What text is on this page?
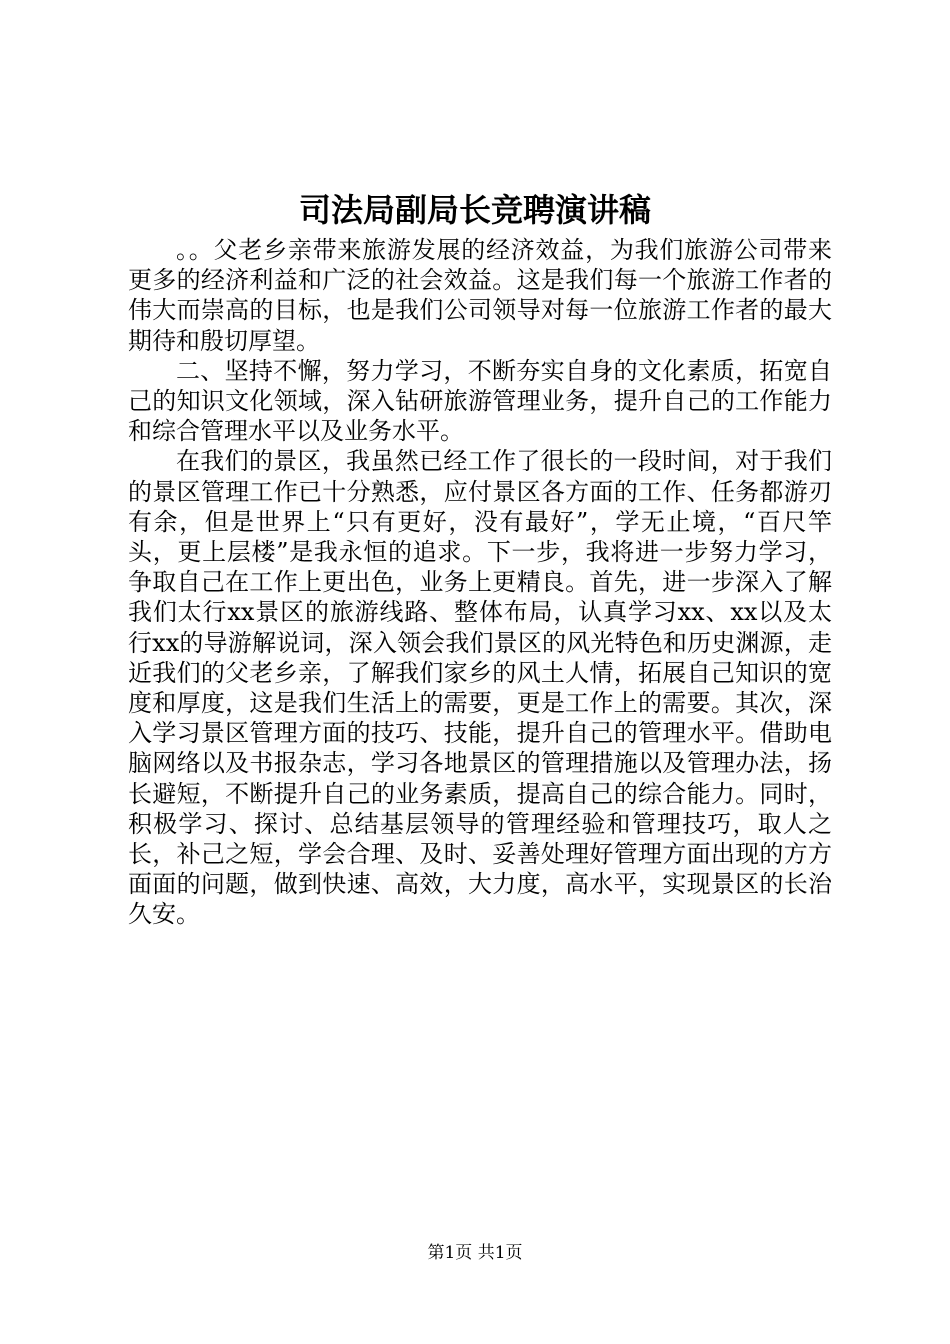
司法局副局长竞聘演讲稿

。。父老乡亲带来旅游发展的经济效益，为我们旅游公司带来更多的经济利益和广泛的社会效益。这是我们每一个旅游工作者的伟大而崇高的目标，也是我们公司领导对每一位旅游工作者的最大期待和殷切厚望。

二、坚持不懈，努力学习，不断夯实自身的文化素质，拓宽自己的知识文化领域，深入钻研旅游管理业务，提升自己的工作能力和综合管理水平以及业务水平。

在我们的景区，我虽然已经工作了很长的一段时间，对于我们的景区管理工作已十分熟悉，应付景区各方面的工作、任务都游刃有余，但是世界上“只有更好，没有最好”，学无止境，“百尺竿头，更上层楼”是我永恒的追求。下一步，我将进一步努力学习，争取自己在工作上更出色，业务上更精良。首先，进一步深入了解我们太行xx景区的旅游线路、整体布局，认真学习xx、xx以及太行xx的导游解说词，深入领会我们景区的风光特色和历史渊源，走近我们的父老乡亲，了解我们家乡的风土人情，拓展自己知识的宽度和厚度，这是我们生活上的需要，更是工作上的需要。其次，深入学习景区管理方面的技巧、技能，提升自己的管理水平。借助电脑网络以及书报杂志，学习各地景区的管理措施以及管理办法，扬长避短，不断提升自己的业务素质，提高自己的综合能力。同时，积极学习、探讨、总结基层领导的管理经验和管理技巧，取人之长，补己之短，学会合理、及时、妥善处理好管理方面出现的方方面面的问题，做到快速、高效，大力度，高水平，实现景区的长治久安。

第1页 共1页
